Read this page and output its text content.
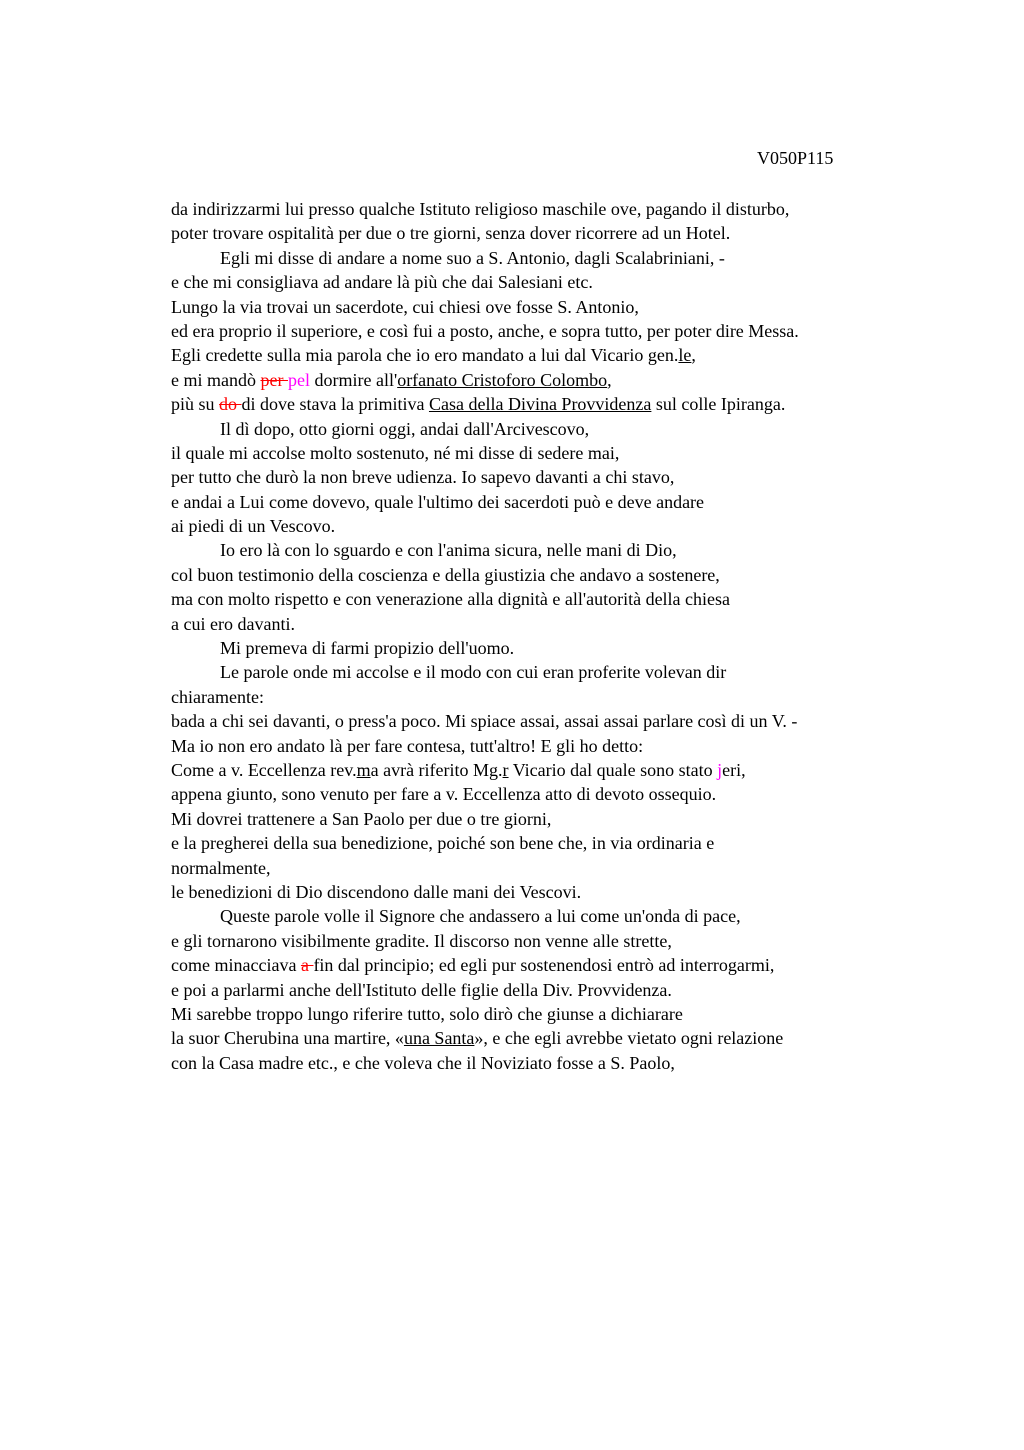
V050P115
da indirizzarmi lui presso qualche Istituto religioso maschile ove, pagando il disturbo,
poter trovare ospitalità per due o tre giorni, senza dover ricorrere ad un Hotel.
Egli mi disse di andare a nome suo a S. Antonio, dagli Scalabriniani, -
e che mi consigliava ad andare là più che dai Salesiani etc.
Lungo la via trovai un sacerdote, cui chiesi ove fosse S. Antonio,
ed era proprio il superiore, e così fui a posto, anche, e sopra tutto, per poter dire Messa.
Egli credette sulla mia parola che io ero mandato a lui dal Vicario gen.le,
e mi mandò per pel dormire all'orfanato Cristoforo Colombo,
più su do di dove stava la primitiva Casa della Divina Provvidenza sul colle Ipiranga.
Il dì dopo, otto giorni oggi, andai dall'Arcivescovo,
il quale mi accolse molto sostenuto, né mi disse di sedere mai,
per tutto che durò la non breve udienza. Io sapevo davanti a chi stavo,
e andai a Lui come dovevo, quale l'ultimo dei sacerdoti può e deve andare
ai piedi di un Vescovo.
Io ero là con lo sguardo e con l'anima sicura, nelle mani di Dio,
col buon testimonio della coscienza e della giustizia che andavo a sostenere,
ma con molto rispetto e con venerazione alla dignità e all'autorità della chiesa
a cui ero davanti.
Mi premeva di farmi propizio dell'uomo.
Le parole onde mi accolse e il modo con cui eran proferite volevan dir
chiaramente:
bada a chi sei davanti, o press'a poco. Mi spiace assai, assai assai parlare così di un V. -
Ma io non ero andato là per fare contesa, tutt'altro! E gli ho detto:
Come a v. Eccellenza rev.ma avrà riferito Mg.r Vicario dal quale sono stato jeri,
appena giunto, sono venuto per fare a v. Eccellenza atto di devoto ossequio.
Mi dovrei trattenere a San Paolo per due o tre giorni,
e la pregherei della sua benedizione, poiché son bene che, in via ordinaria e
normalmente,
le benedizioni di Dio discendono dalle mani dei Vescovi.
Queste parole volle il Signore che andassero a lui come un'onda di pace,
e gli tornarono visibilmente gradite. Il discorso non venne alle strette,
come minacciava a fin dal principio; ed egli pur sostenendosi entrò ad interrogarmi,
e poi a parlarmi anche dell'Istituto delle figlie della Div. Provvidenza.
Mi sarebbe troppo lungo riferire tutto, solo dirò che giunse a dichiarare
la suor Cherubina una martire, «una Santa», e che egli avrebbe vietato ogni relazione
con la Casa madre etc., e che voleva che il Noviziato fosse a S. Paolo,
